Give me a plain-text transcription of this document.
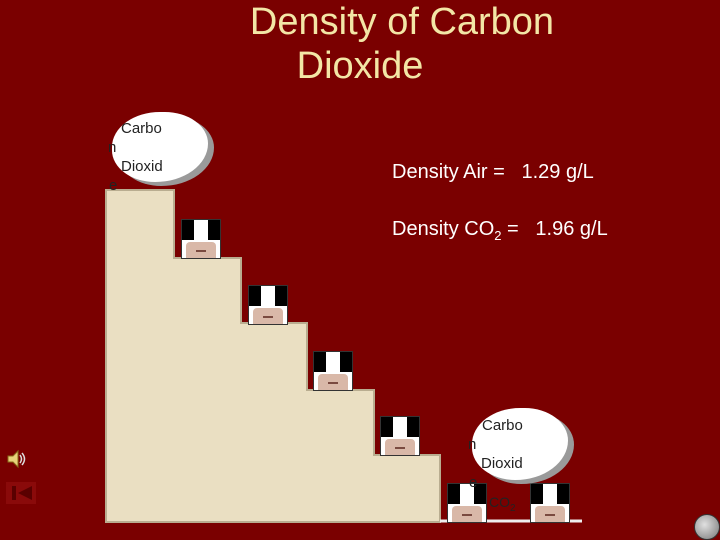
Density of Carbon
Dioxide
Carbo
n
Dioxid
e
Density Air = 1.29 g/L
Density $CO_2 = 1.96$ g/L
Carbo
n
Dioxid
e
$CO_2$
